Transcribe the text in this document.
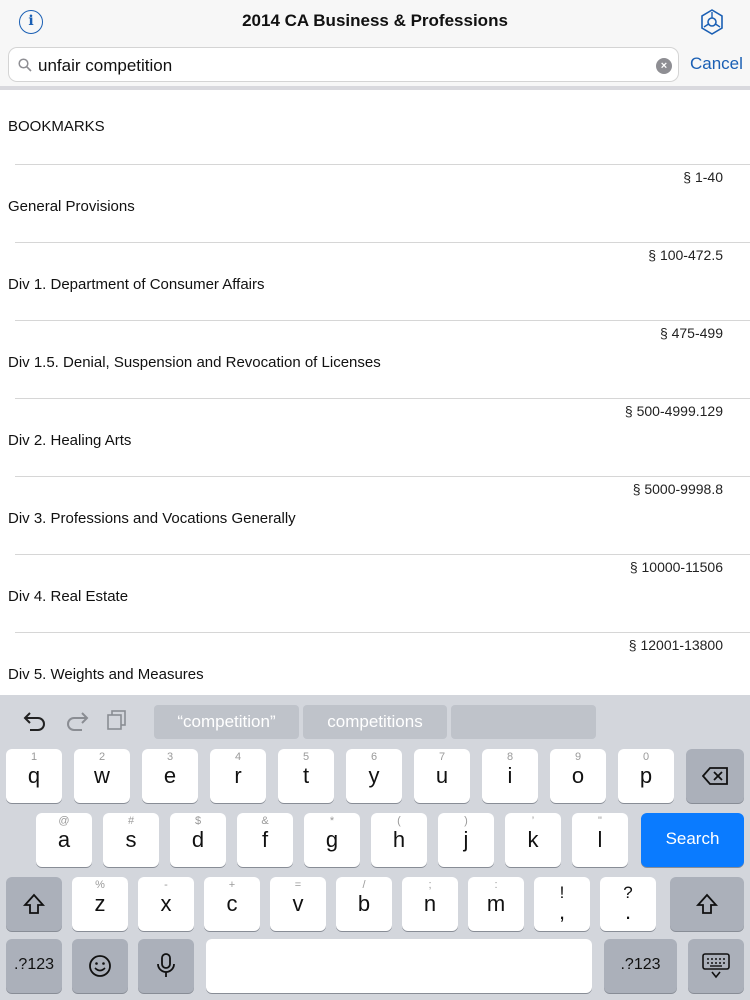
i	2014 CA Business & Professions
unfair competition	× Cancel
BOOKMARKS
§ 1-40
General Provisions
§ 100-472.5
Div 1. Department of Consumer Affairs
§ 475-499
Div 1.5. Denial, Suspension and Revocation of Licenses
§ 500-4999.129
Div 2. Healing Arts
§ 5000-9998.8
Div 3. Professions and Vocations Generally
§ 10000-11506
Div 4. Real Estate
§ 12001-13800
Div 5. Weights and Measures
“competition”	competitions
1
q
2
w
3
e
4
r
5
t
6
y
7
u
8
i
9
o
0
p
@
a
#
s
$
d
&
f
*
g
(
h
)
j
’
k
"
l	Search
%
z
-
x
+
c
=
v
/
b
;
n
:
m	!
,
?
.
.?123	.?123
